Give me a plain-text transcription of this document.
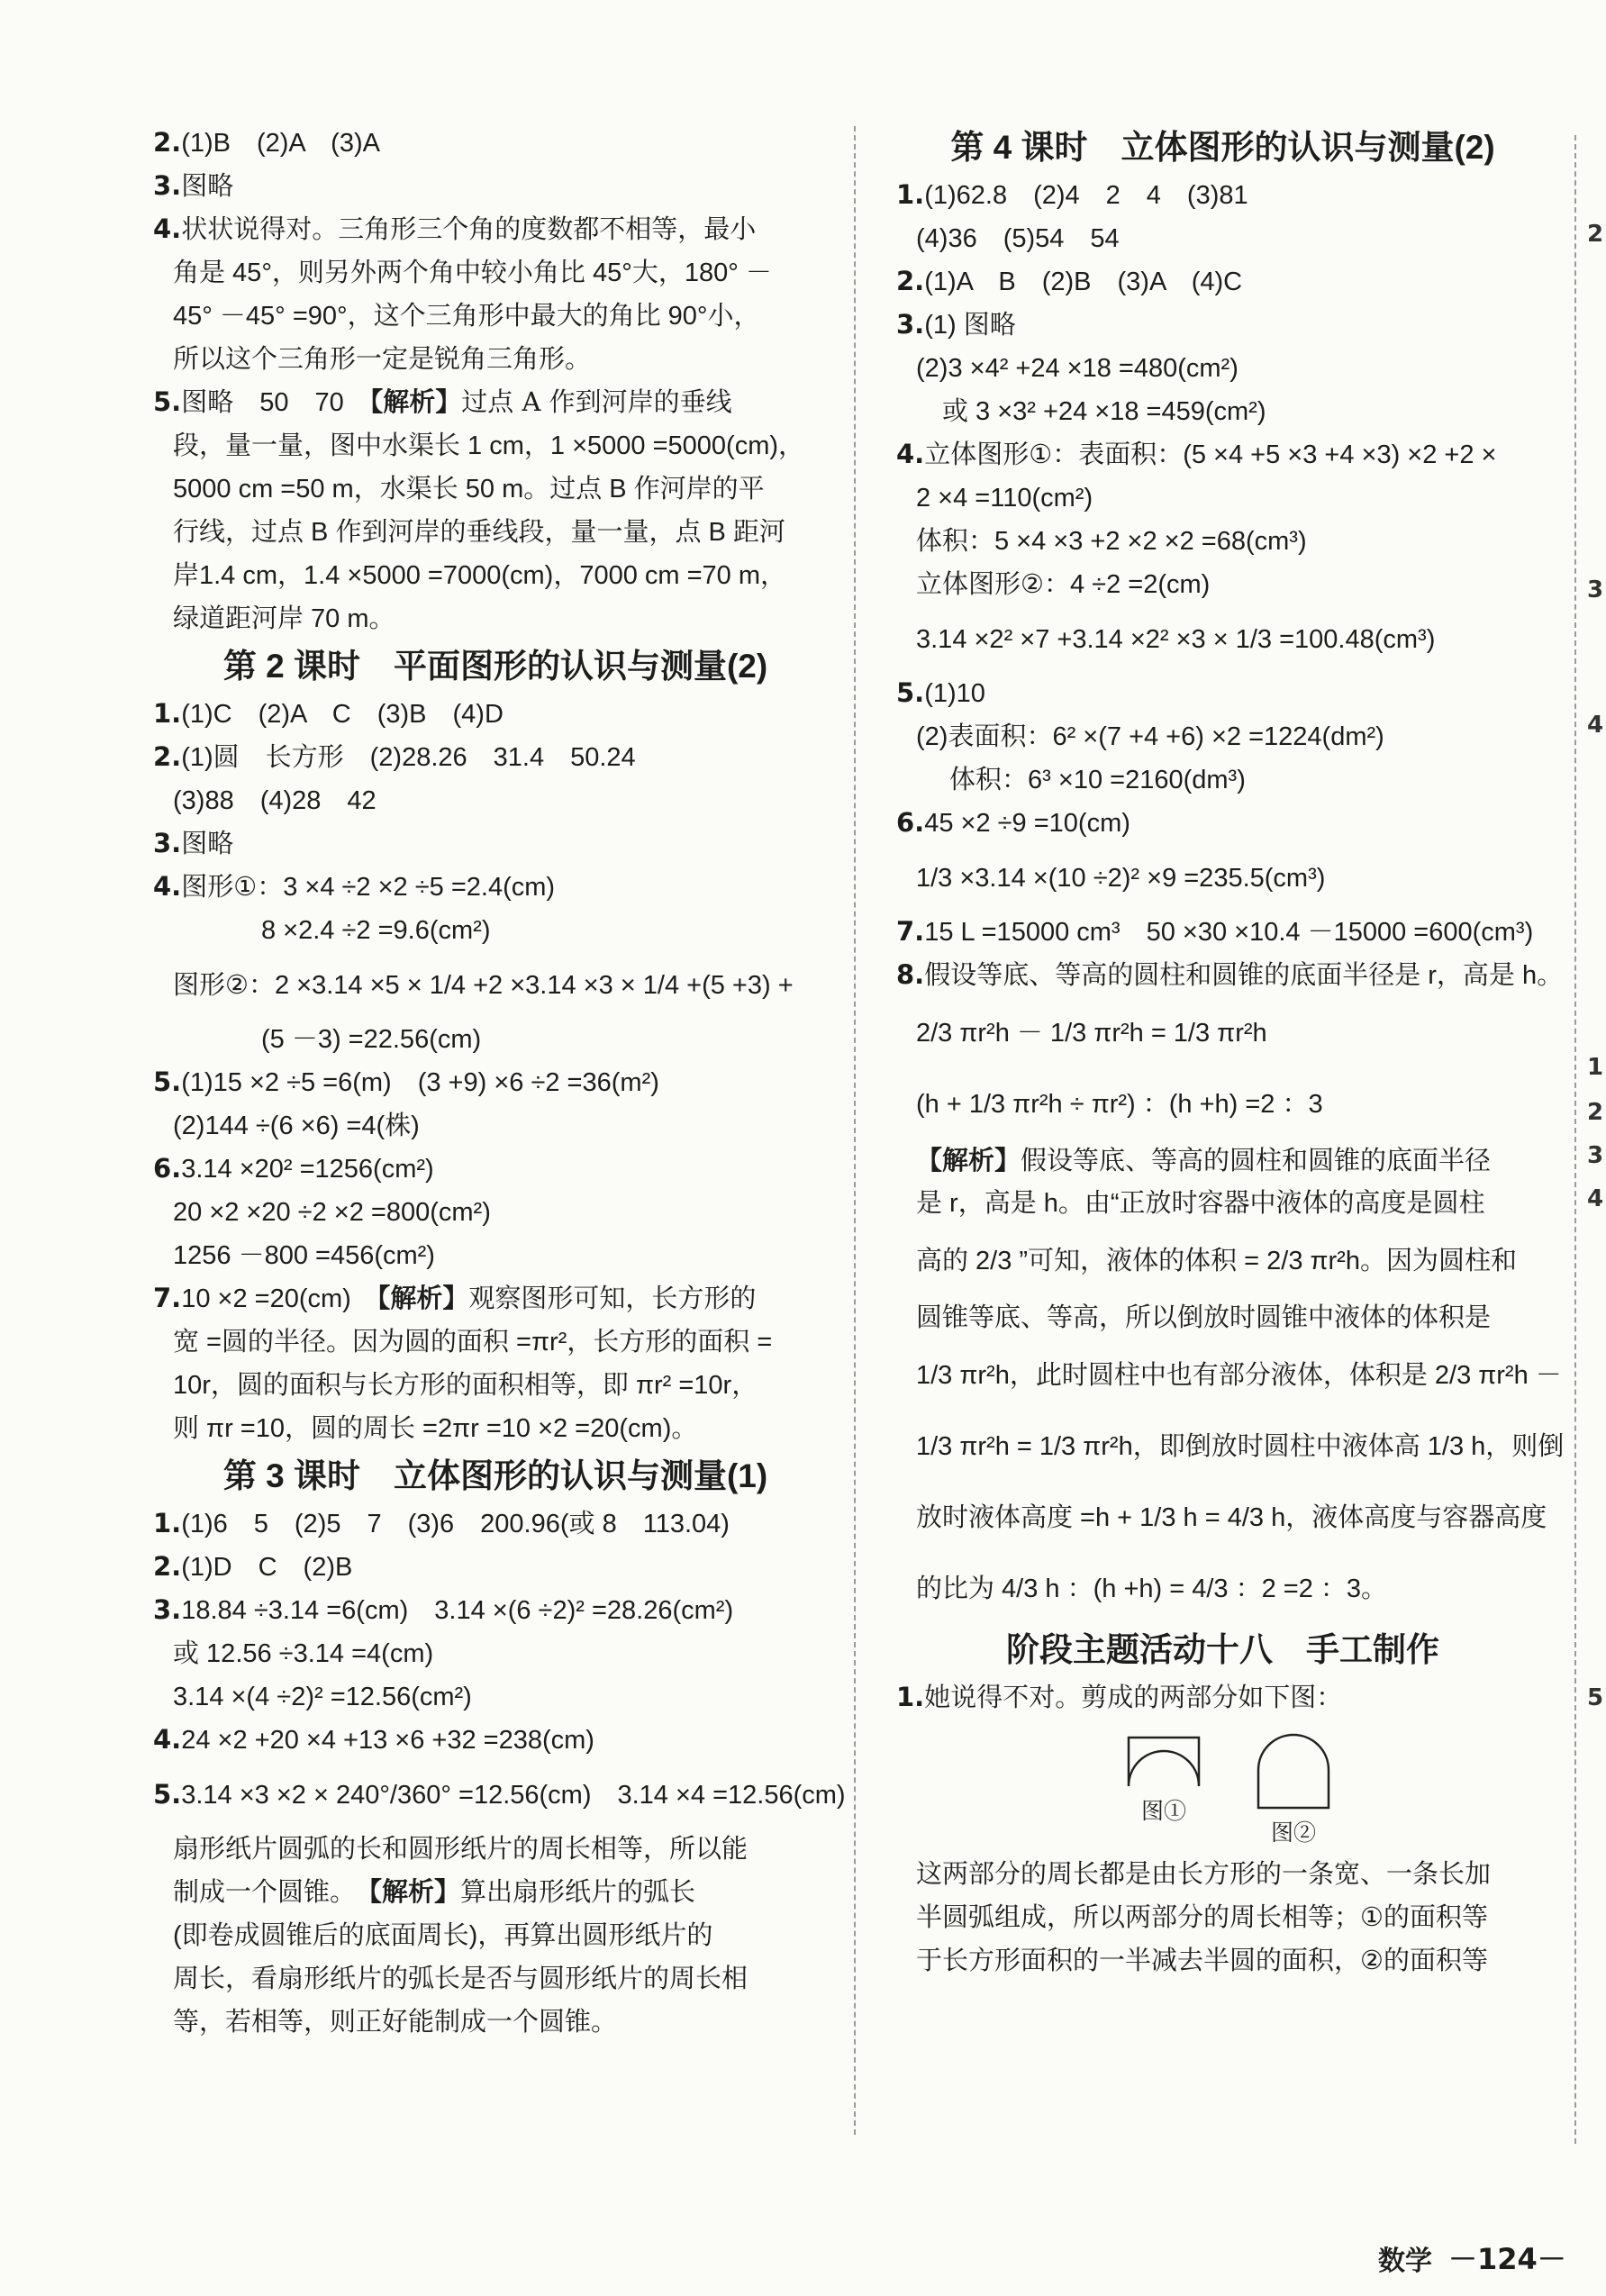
2.(1)B　(2)A　(3)A
3.图略
4.状状说得对。三角形三个角的度数都不相等，最小
角是 45°，则另外两个角中较小角比 45°大，180° －
45° －45° =90°，这个三角形中最大的角比 90°小，
所以这个三角形一定是锐角三角形。
5.图略　50　70　【解析】过点 A 作到河岸的垂线
段，量一量，图中水渠长 1 cm，1 ×5000 =5000(cm)，
5000 cm =50 m，水渠长 50 m。过点 B 作河岸的平
行线，过点 B 作到河岸的垂线段，量一量，点 B 距河
岸1.4 cm，1.4 ×5000 =7000(cm)，7000 cm =70 m，
绿道距河岸 70 m。
第 2 课时　平面图形的认识与测量(2)
1.(1)C　(2)A　C　(3)B　(4)D
2.(1)圆　长方形　(2)28.26　31.4　50.24
(3)88　(4)28　42
3.图略
4.图形①：3 ×4 ÷2 ×2 ÷5 =2.4(cm)
8 ×2.4 ÷2 =9.6(cm²)
图形②：2 ×3.14 ×5 × 1/4 +2 ×3.14 ×3 × 1/4 +(5 +3) +
(5 －3) =22.56(cm)
5.(1)15 ×2 ÷5 =6(m)　(3 +9) ×6 ÷2 =36(m²)
(2)144 ÷(6 ×6) =4(株)
6.3.14 ×20² =1256(cm²)
20 ×2 ×20 ÷2 ×2 =800(cm²)
1256 －800 =456(cm²)
7.10 ×2 =20(cm)　【解析】观察图形可知，长方形的
宽 =圆的半径。因为圆的面积 =πr²，长方形的面积 =
10r，圆的面积与长方形的面积相等，即 πr² =10r，
则 πr =10，圆的周长 =2πr =10 ×2 =20(cm)。
第 3 课时　立体图形的认识与测量(1)
1.(1)6　5　(2)5　7　(3)6　200.96(或 8　113.04)
2.(1)D　C　(2)B
3.18.84 ÷3.14 =6(cm)　3.14 ×(6 ÷2)² =28.26(cm²)
或 12.56 ÷3.14 =4(cm)
3.14 ×(4 ÷2)² =12.56(cm²)
4.24 ×2 +20 ×4 +13 ×6 +32 =238(cm)
5.3.14 ×3 ×2 × 240°/360° =12.56(cm)　3.14 ×4 =12.56(cm)
扇形纸片圆弧的长和圆形纸片的周长相等，所以能
制成一个圆锥。　【解析】算出扇形纸片的弧长
(即卷成圆锥后的底面周长)，再算出圆形纸片的
周长，看扇形纸片的弧长是否与圆形纸片的周长相
等，若相等，则正好能制成一个圆锥。
第 4 课时　立体图形的认识与测量(2)
1.(1)62.8　(2)4　2　4　(3)81
(4)36　(5)54　54
2.(1)A　B　(2)B　(3)A　(4)C
3.(1) 图略
(2)3 ×4² +24 ×18 =480(cm²)
　或 3 ×3² +24 ×18 =459(cm²)
4.立体图形①：表面积：(5 ×4 +5 ×3 +4 ×3) ×2 +2 ×
2 ×4 =110(cm²)
体积：5 ×4 ×3 +2 ×2 ×2 =68(cm³)
立体图形②：4 ÷2 =2(cm)
3.14 ×2² ×7 +3.14 ×2² ×3 × 1/3 =100.48(cm³)
5.(1)10
(2)表面积：6² ×(7 +4 +6) ×2 =1224(dm²)
　 体积：6³ ×10 =2160(dm³)
6.45 ×2 ÷9 =10(cm)
1/3 ×3.14 ×(10 ÷2)² ×9 =235.5(cm³)
7.15 L =15000 cm³　50 ×30 ×10.4 －15000 =600(cm³)
8.假设等底、等高的圆柱和圆锥的底面半径是 r，高是 h。
2/3 πr²h － 1/3 πr²h = 1/3 πr²h
(h + 1/3 πr²h ÷ πr²) ：(h +h) =2 ：3
【解析】假设等底、等高的圆柱和圆锥的底面半径
是 r，高是 h。由“正放时容器中液体的高度是圆柱
高的 2/3 ”可知，液体的体积 = 2/3 πr²h。因为圆柱和
圆锥等底、等高，所以倒放时圆锥中液体的体积是
1/3 πr²h，此时圆柱中也有部分液体，体积是 2/3 πr²h －
1/3 πr²h = 1/3 πr²h，即倒放时圆柱中液体高 1/3 h，则倒
放时液体高度 =h + 1/3 h = 4/3 h，液体高度与容器高度
的比为 4/3 h ：(h +h) = 4/3 ：2 =2 ：3。
阶段主题活动十八　手工制作
1.她说得不对。剪成的两部分如下图：
图①
图②
这两部分的周长都是由长方形的一条宽、一条长加
半圆弧组成，所以两部分的周长相等；①的面积等
于长方形面积的一半减去半圆的面积，②的面积等
数学 －124－
2
3
4
1
2
3
4
5
